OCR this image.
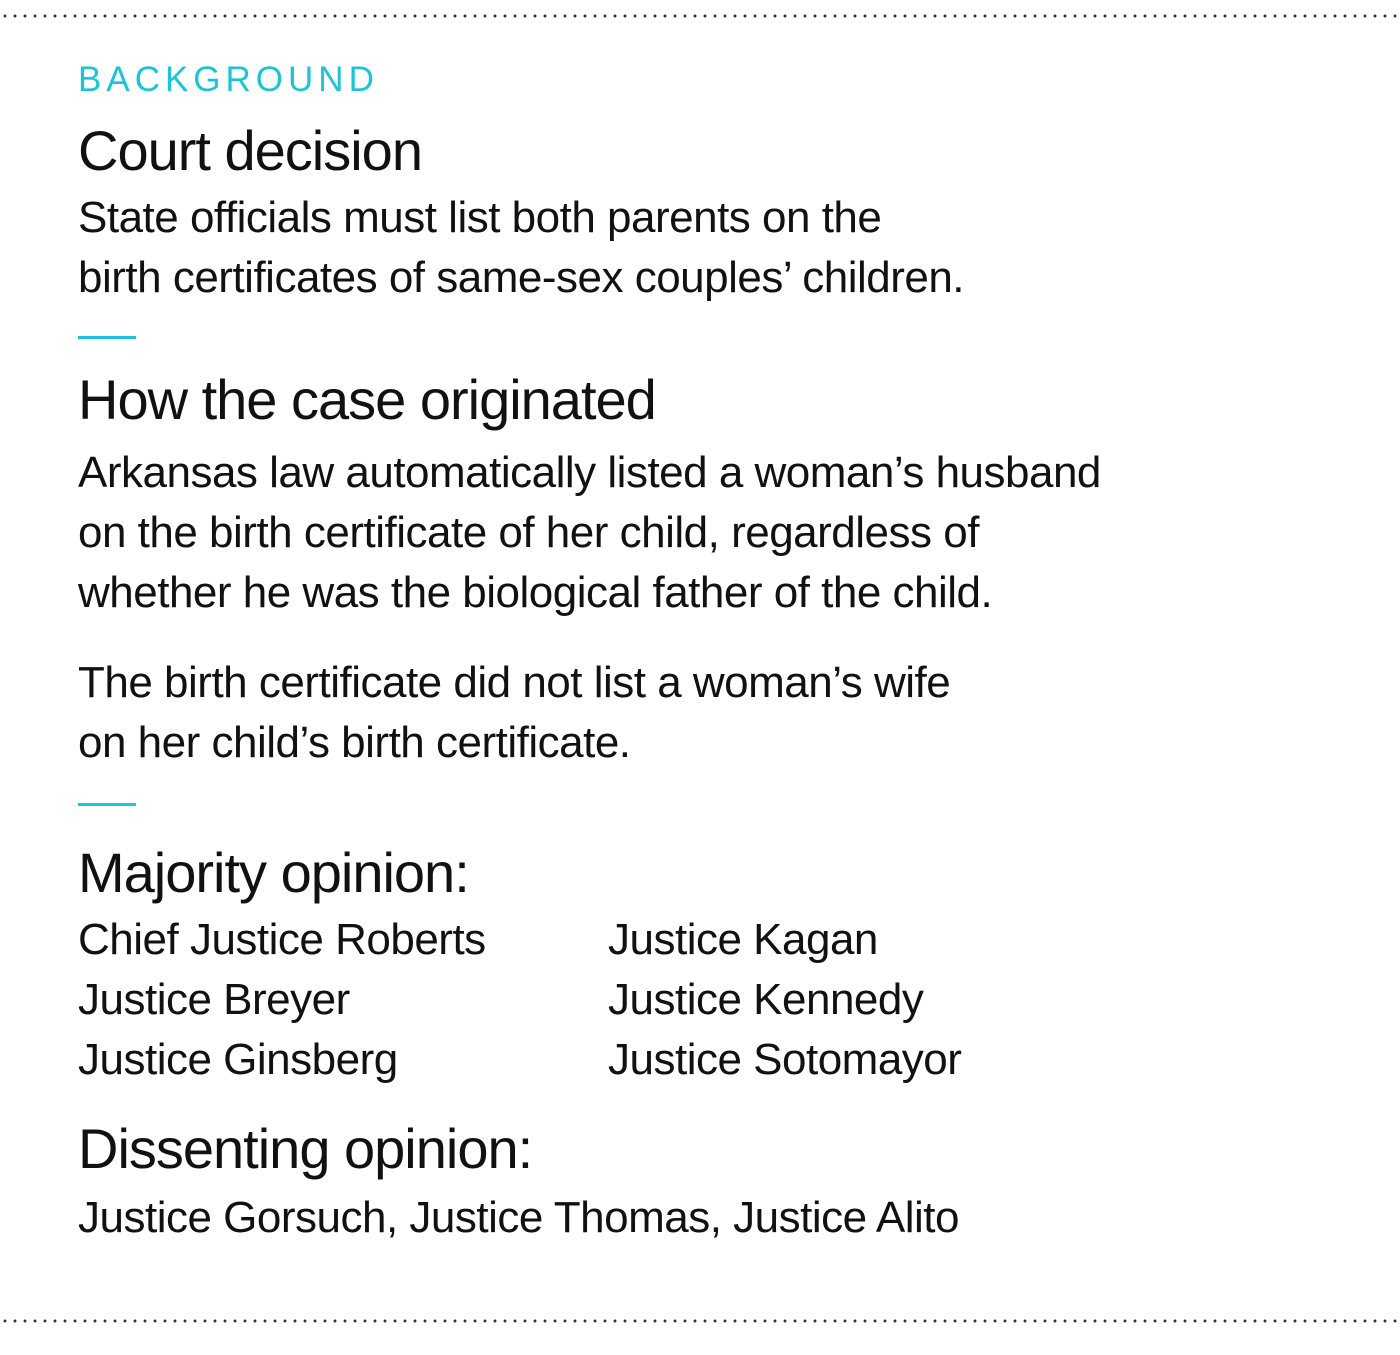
BACKGROUND

Court decision

State officials must list both parents on the

birth certificates of same-sex couples’ children.

How the case originated

Arkansas law automatically listed a woman’s husband

on the birth certificate of her child, regardless of

whether he was the biological father of the child.

The birth certificate did not list a woman’s wife

on her child’s birth certificate.

Majority opinion:

Chief Justice Roberts	Justice Kagan

Justice Breyer	Justice Kennedy

Justice Ginsberg	Justice Sotomayor

Dissenting opinion:

Justice Gorsuch, Justice Thomas, Justice Alito
